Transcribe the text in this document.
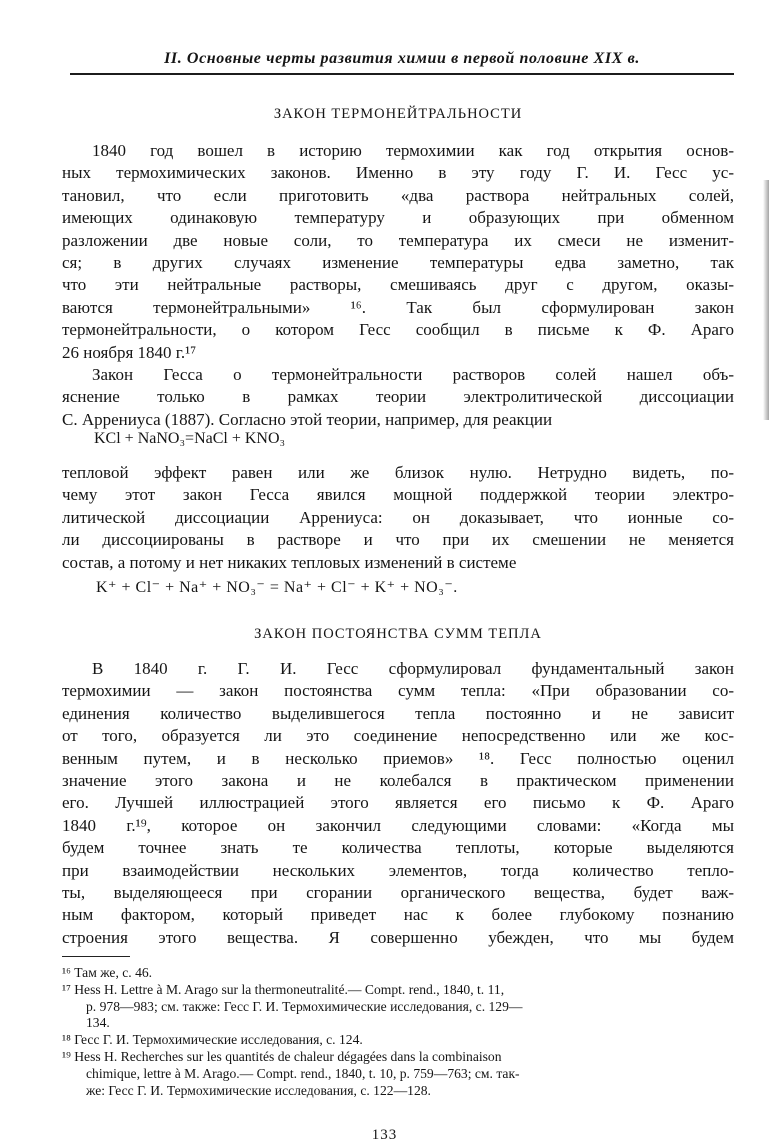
II. Основные черты развития химии в первой половине XIX в.
ЗАКОН ТЕРМОНЕЙТРАЛЬНОСТИ
1840 год вошел в историю термохимии как год открытия основ-
ных термохимических законов. Именно в эту году Г. И. Гесс ус-
тановил, что если приготовить «два раствора нейтральных солей,
имеющих одинаковую температуру и образующих при обменном
разложении две новые соли, то температура их смеси не изменит-
ся; в других случаях изменение температуры едва заметно, так
что эти нейтральные растворы, смешиваясь друг с другом, оказы-
ваются термонейтральными» ¹⁶. Так был сформулирован закон
термонейтральности, о котором Гесс сообщил в письме к Ф. Араго
26 ноября 1840 г.¹⁷
Закон Гесса о термонейтральности растворов солей нашел объ-
яснение только в рамках теории электролитической диссоциации
С. Аррениуса (1887). Согласно этой теории, например, для реакции
KCl + NaNO₃=NaCl + KNO₃
тепловой эффект равен или же близок нулю. Нетрудно видеть, по-
чему этот закон Гесса явился мощной поддержкой теории электро-
литической диссоциации Аррениуса: он доказывает, что ионные со-
ли диссоциированы в растворе и что при их смешении не меняется
состав, а потому и нет никаких тепловых изменений в системе
K⁺ + Cl⁻ + Na⁺ + NO₃⁻ = Na⁺ + Cl⁻ + K⁺ + NO₃⁻.
ЗАКОН ПОСТОЯНСТВА СУММ ТЕПЛА
В 1840 г. Г. И. Гесс сформулировал фундаментальный закон
термохимии — закон постоянства сумм тепла: «При образовании со-
единения количество выделившегося тепла постоянно и не зависит
от того, образуется ли это соединение непосредственно или же кос-
венным путем, и в несколько приемов» ¹⁸. Гесс полностью оценил
значение этого закона и не колебался в практическом применении
его. Лучшей иллюстрацией этого является его письмо к Ф. Араго
1840 г.¹⁹, которое он закончил следующими словами: «Когда мы
будем точнее знать те количества теплоты, которые выделяются
при взаимодействии нескольких элементов, тогда количество тепло-
ты, выделяющееся при сгорании органического вещества, будет важ-
ным фактором, который приведет нас к более глубокому познанию
строения этого вещества. Я совершенно убежден, что мы будем
¹⁶ Там же, с. 46.
¹⁷ Hess H. Lettre à M. Arago sur la thermoneutralité.— Compt. rend., 1840, t. 11,
p. 978—983; см. также: Гесс Г. И. Термохимические исследования, с. 129—
134.
¹⁸ Гесс Г. И. Термохимические исследования, с. 124.
¹⁹ Hess H. Recherches sur les quantités de chaleur dégagées dans la combinaison
chimique, lettre à M. Arago.— Compt. rend., 1840, t. 10, p. 759—763; см. так-
же: Гесс Г. И. Термохимические исследования, с. 122—128.
133
